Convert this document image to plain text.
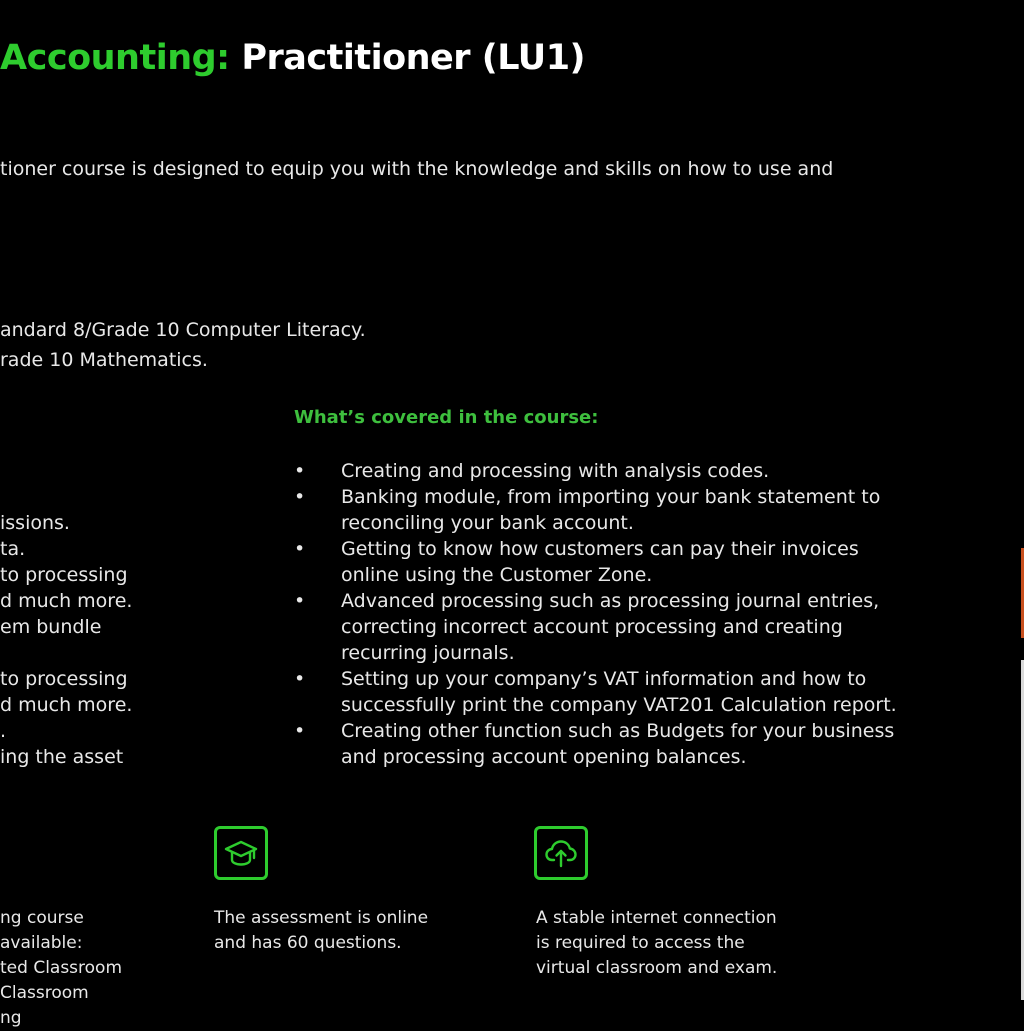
Accounting: Practitioner (LU1)
tioner course is designed to equip you with the knowledge and skills on how to use and
andard 8/Grade 10 Computer Literacy.
rade 10 Mathematics.
What’s covered in the course:
• Creating and processing with analysis codes.
• Banking module, from importing your bank statement to reconciling your bank account.
• Getting to know how customers can pay their invoices online using the Customer Zone.
• Advanced processing such as processing journal entries, correcting incorrect account processing and creating recurring journals.
• Setting up your company’s VAT information and how to successfully print the company VAT201 Calculation report.
• Creating other function such as Budgets for your business and processing account opening balances.
issions.
ta.
to processing
d much more.
em bundle
to processing
d much more.
.
ing the asset
ng course
available:
ted Classroom
Classroom
ng
The assessment is online
and has 60 questions.
A stable internet connection
is required to access the
virtual classroom and exam.
